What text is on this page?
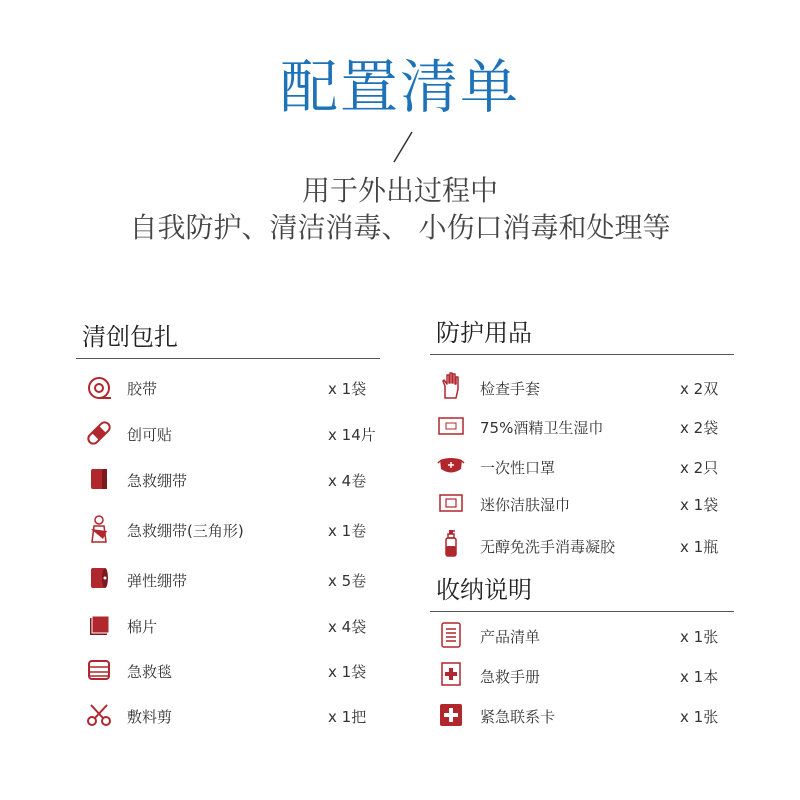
配置清单
用于外出过程中
自我防护、清洁消毒、 小伤口消毒和处理等
清创包扎	防护用品
收纳说明
胶带	x 1袋
创可贴	x 14片
急救绷带	x 4卷
急救绷带(三角形)	x 1卷
弹性绷带	x 5卷
棉片	x 4袋
急救毯	x 1袋
敷料剪	x 1把
检查手套	x 2双
75%酒精卫生湿巾	x 2袋
一次性口罩	x 2只
迷你洁肤湿巾	x 1袋
无醇免洗手消毒凝胶	x 1瓶
产品清单	x 1张
急救手册	x 1本
紧急联系卡	x 1张
